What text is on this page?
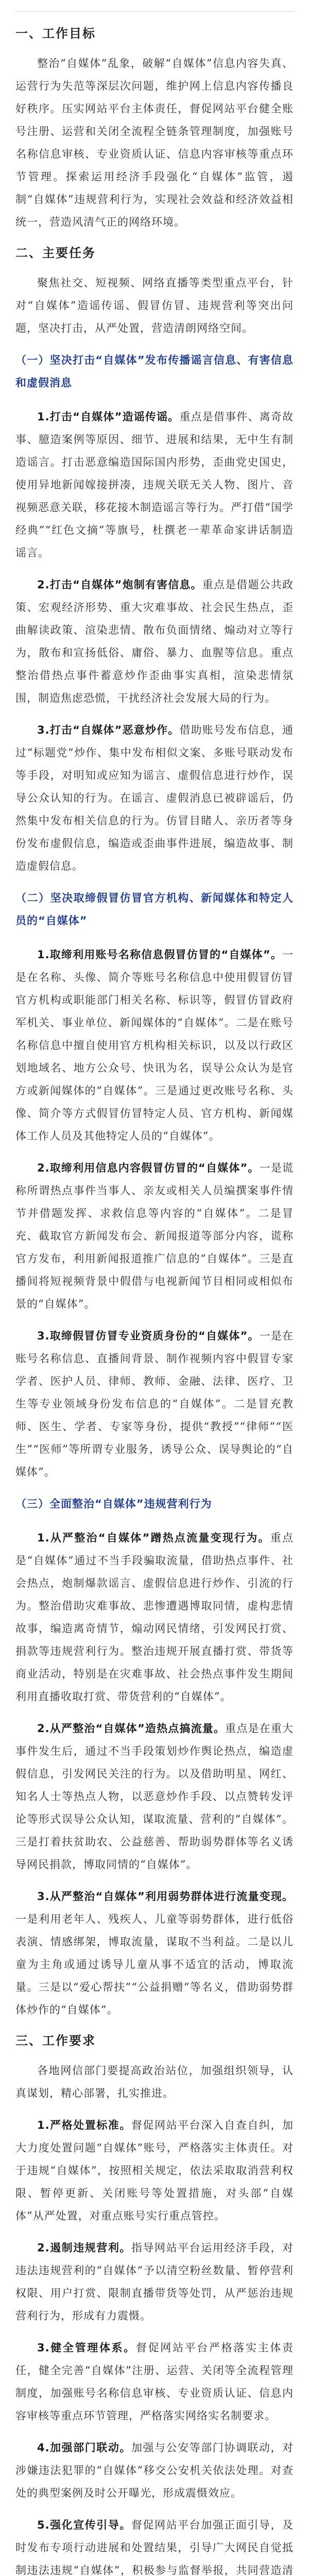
一、工作目标

整治“自媒体”乱象，破解“自媒体”信息内容失真、运营行为失范等深层次问题，维护网上信息内容传播良好秩序。压实网站平台主体责任，督促网站平台健全账号注册、运营和关闭全流程全链条管理制度，加强账号名称信息审核、专业资质认证、信息内容审核等重点环节管理。探索运用经济手段强化“自媒体”监管，遏制“自媒体”违规营利行为，实现社会效益和经济效益相统一，营造风清气正的网络环境。

二、主要任务

聚焦社交、短视频、网络直播等类型重点平台，针对“自媒体”造谣传谣、假冒仿冒、违规营利等突出问题，坚决打击，从严处置，营造清朗网络空间。

（一）坚决打击“自媒体”发布传播谣言信息、有害信息和虚假消息

1.打击“自媒体”造谣传谣。重点是借事件、离奇故事、臆造案例等原因、细节、进展和结果，无中生有制造谣言。打击恶意编造国际国内形势，歪曲党史国史，使用异地新闻嫁接拼凑，违规关联无关人物、图片、音视频恶意关联，移花接木制造谣言等行为。严打借“国学经典”“红色文摘”等旗号，杜撰老一辈革命家讲话制造谣言。

2.打击“自媒体”炮制有害信息。重点是借题公共政策、宏观经济形势、重大灾难事故、社会民生热点，歪曲解读政策、渲染悲情、散布负面情绪、煽动对立等行为，散布和宣扬低俗、庸俗、暴力、血腥等信息。重点整治借热点事件蓄意炒作歪曲事实真相，渲染悲情氛围，制造焦虑恐慌，干扰经济社会发展大局的行为。

3.打击“自媒体”恶意炒作。借助账号发布信息，通过“标题党”炒作、集中发布相似文案、多账号联动发布等手段，对明知或应知为谣言、虚假信息进行炒作，误导公众认知的行为。在谣言、虚假消息已被辟谣后，仍然集中发布相关信息的行为。仿冒目睹人、亲历者等身份发布虚假信息，编造或歪曲事件进展，编造故事、制造虚假信息。

（二）坚决取缔假冒仿冒官方机构、新闻媒体和特定人员的“自媒体”

1.取缔利用账号名称信息假冒仿冒的“自媒体”。一是在名称、头像、简介等账号名称信息中使用假冒仿冒官方机构或职能部门相关名称、标识等，假冒仿冒政府军机关、事业单位、新闻媒体的“自媒体”。二是在账号名称信息中擅自使用官方机构相关标识，以及以行政区划地域名、地方公众号、快讯为名，误导公众认为是官方或新闻媒体的“自媒体”。三是通过更改账号名称、头像、简介等方式假冒仿冒特定人员、官方机构、新闻媒体工作人员及其他特定人员的“自媒体”。

2.取缔利用信息内容假冒仿冒的“自媒体”。一是谎称所谓热点事件当事人、亲友或相关人员编撰案事件情节并借题发挥、求救信息等内容的“自媒体”。二是冒充、截取官方新闻发布会、新闻报道等部分内容，谎称官方发布，利用新闻报道推广信息的“自媒体”。三是直播间将短视频背景中假借与电视新闻节目相同或相似布景的“自媒体”。

3.取缔假冒仿冒专业资质身份的“自媒体”。一是在账号名称信息、直播间背景、制作视频内容中假冒专家学者、医护人员、律师、教师、金融、法律、医疗、卫生等专业领域身份发布信息的“自媒体”。二是冒充教师、医生、学者、专家等身份，提供“教授”“律师”“医生”“医师”等所谓专业服务，诱导公众、误导舆论的“自媒体”。

（三）全面整治“自媒体”违规营利行为

1.从严整治“自媒体”蹭热点流量变现行为。重点是“自媒体”通过不当手段骗取流量，借助热点事件、社会热点，炮制爆款谣言、虚假信息进行炒作、引流的行为。整治借助灾难事故、悲惨遭遇博取同情，虚构悲情故事，编造离奇情节，煽动网民情绪，引发网民打赏、捐款等违规营利行为。整治违规开展直播打赏、带货等商业活动，特别是在灾难事故、社会热点事件发生期间利用直播收取打赏、带货营利的“自媒体”。

2.从严整治“自媒体”造热点搞流量。重点是在重大事件发生后，通过不当手段策划炒作舆论热点，编造虚假信息，引发网民关注的行为。以及借助明星、网红、知名人士等热点人物，以恶意炒作手段、以点赞转发评论等形式误导公众认知，谋取流量、营利的“自媒体”。三是打着扶贫助农、公益慈善、帮助弱势群体等名义诱导网民捐款，博取同情的“自媒体”。

3.从严整治“自媒体”利用弱势群体进行流量变现。一是利用老年人、残疾人、儿童等弱势群体，进行低俗表演、情感绑架，博取流量，谋取不当利益。二是以儿童为主角或通过诱导儿童从事不适宜的活动，博取流量。三是以“爱心帮扶”“公益捐赠”等名义，借助弱势群体炒作的“自媒体”。

三、工作要求

各地网信部门要提高政治站位，加强组织领导，认真谋划，精心部署，扎实推进。

1.严格处置标准。督促网站平台深入自查自纠，加大力度处置问题“自媒体”账号，严格落实主体责任。对于违规“自媒体”，按照相关规定，依法采取取消营利权限、暂停更新、关闭账号等处置措施，对头部“自媒体”从严处置，对重点账号实行重点管控。

2.遏制违规营利。指导网站平台运用经济手段，对违法违规营利的“自媒体”予以清空粉丝数量、暂停营利权限、用户打赏、限制直播带货等处罚，从严惩治违规营利行为，形成有力震慑。

3.健全管理体系。督促网站平台严格落实主体责任，健全完善“自媒体”注册、运营、关闭等全流程管理制度，加强账号名称信息审核、专业资质认证、信息内容审核等重点环节管理，严格落实网络实名制要求。

4.加强部门联动。加强与公安等部门协调联动，对涉嫌违法犯罪的“自媒体”移交公安机关依法处理。对查处的典型案例及时公开曝光，形成震慑效应。

5.强化宣传引导。督促网站平台加强正面引导，及时发布专项行动进展和处置结果，引导广大网民自觉抵制违法违规“自媒体”，积极参与监督举报，共同营造清
